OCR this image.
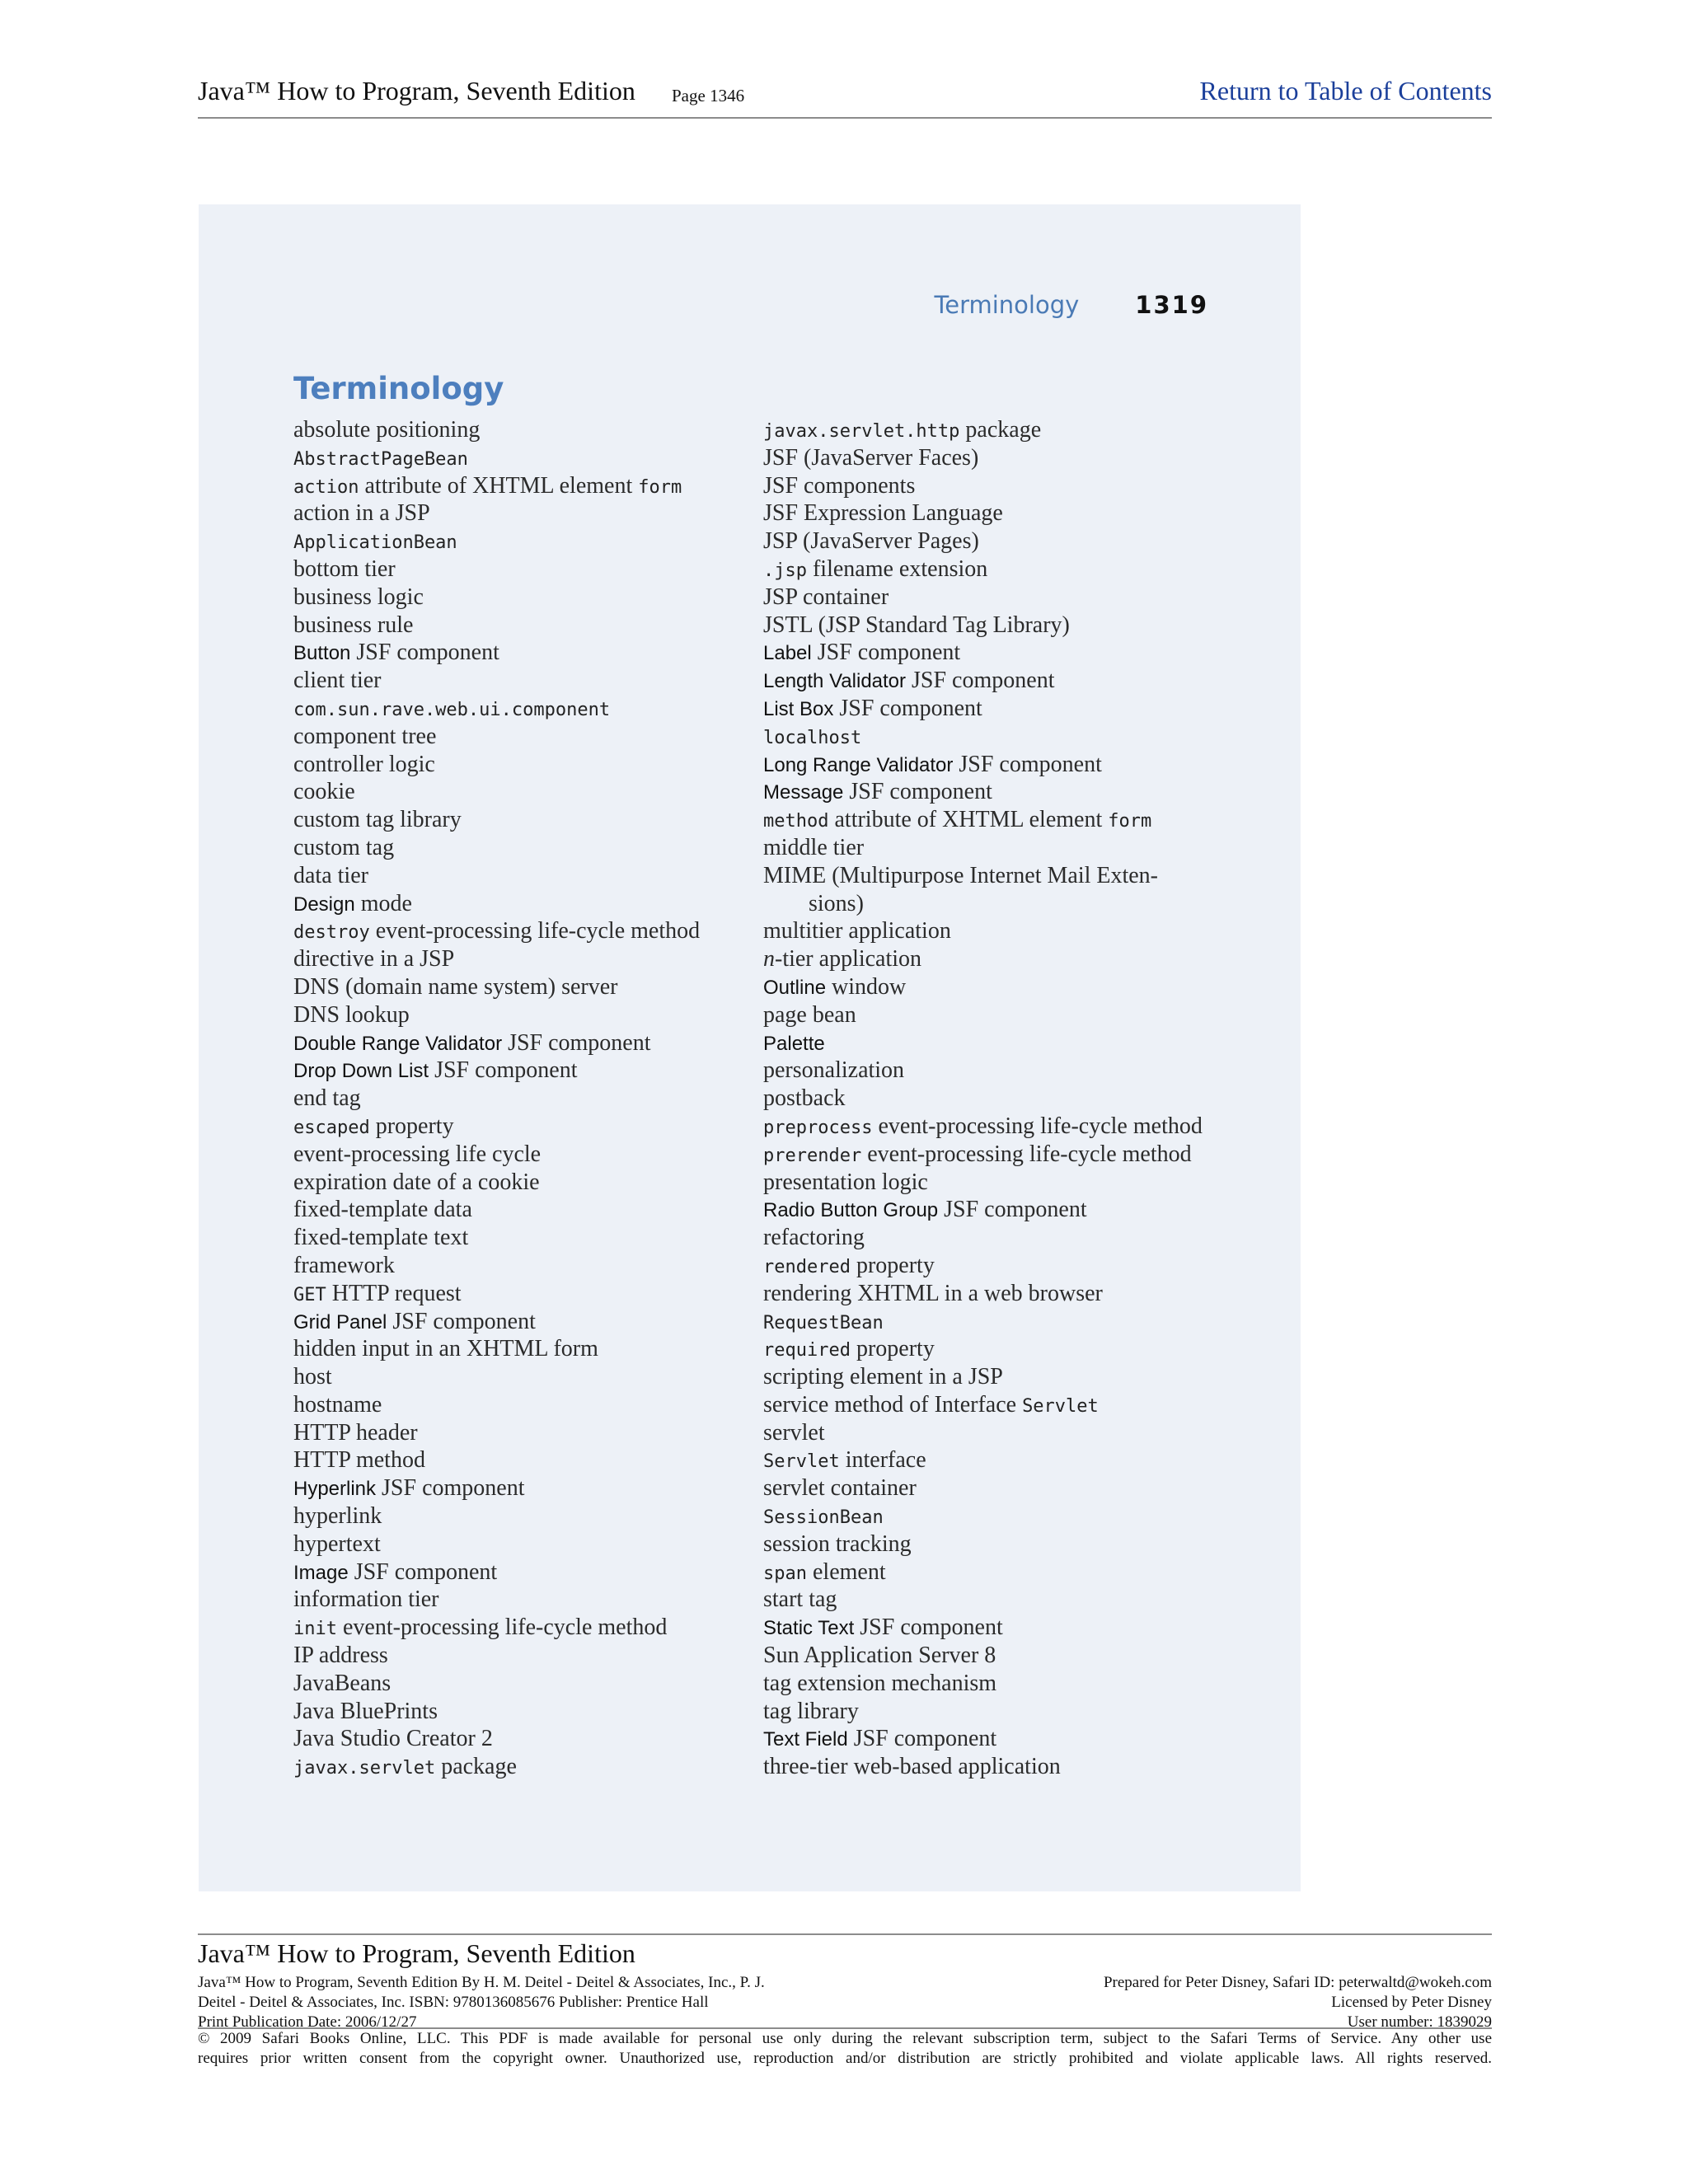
Java™ How to Program, Seventh Edition Page 1346	Return to Table of Contents
Terminology 1319
Terminology
absolute positioning
AbstractPageBean
action attribute of XHTML element form
action in a JSP
ApplicationBean
bottom tier
business logic
business rule
Button JSF component
client tier
com.sun.rave.web.ui.component
component tree
controller logic
cookie
custom tag library
custom tag
data tier
Design mode
destroy event-processing life-cycle method
directive in a JSP
DNS (domain name system) server
DNS lookup
Double Range Validator JSF component
Drop Down List JSF component
end tag
escaped property
event-processing life cycle
expiration date of a cookie
fixed-template data
fixed-template text
framework
GET HTTP request
Grid Panel JSF component
hidden input in an XHTML form
host
hostname
HTTP header
HTTP method
Hyperlink JSF component
hyperlink
hypertext
Image JSF component
information tier
init event-processing life-cycle method
IP address
JavaBeans
Java BluePrints
Java Studio Creator 2
javax.servlet package
javax.servlet.http package
JSF (JavaServer Faces)
JSF components
JSF Expression Language
JSP (JavaServer Pages)
.jsp filename extension
JSP container
JSTL (JSP Standard Tag Library)
Label JSF component
Length Validator JSF component
List Box JSF component
localhost
Long Range Validator JSF component
Message JSF component
method attribute of XHTML element form
middle tier
MIME (Multipurpose Internet Mail Exten-
sions)
multitier application
n-tier application
Outline window
page bean
Palette
personalization
postback
preprocess event-processing life-cycle method
prerender event-processing life-cycle method
presentation logic
Radio Button Group JSF component
refactoring
rendered property
rendering XHTML in a web browser
RequestBean
required property
scripting element in a JSP
service method of Interface Servlet
servlet
Servlet interface
servlet container
SessionBean
session tracking
span element
start tag
Static Text JSF component
Sun Application Server 8
tag extension mechanism
tag library
Text Field JSF component
three-tier web-based application
Java™ How to Program, Seventh Edition
Java™ How to Program, Seventh Edition By H. M. Deitel - Deitel & Associates, Inc., P. J.
Deitel - Deitel & Associates, Inc. ISBN: 9780136085676 Publisher: Prentice Hall
Print Publication Date: 2006/12/27
Prepared for Peter Disney, Safari ID: peterwaltd@wokeh.com
Licensed by Peter Disney
User number: 1839029
© 2009 Safari Books Online, LLC. This PDF is made available for personal use only during the relevant subscription term, subject to the Safari Terms of Service. Any other use
requires prior written consent from the copyright owner. Unauthorized use, reproduction and/or distribution are strictly prohibited and violate applicable laws. All rights reserved.
